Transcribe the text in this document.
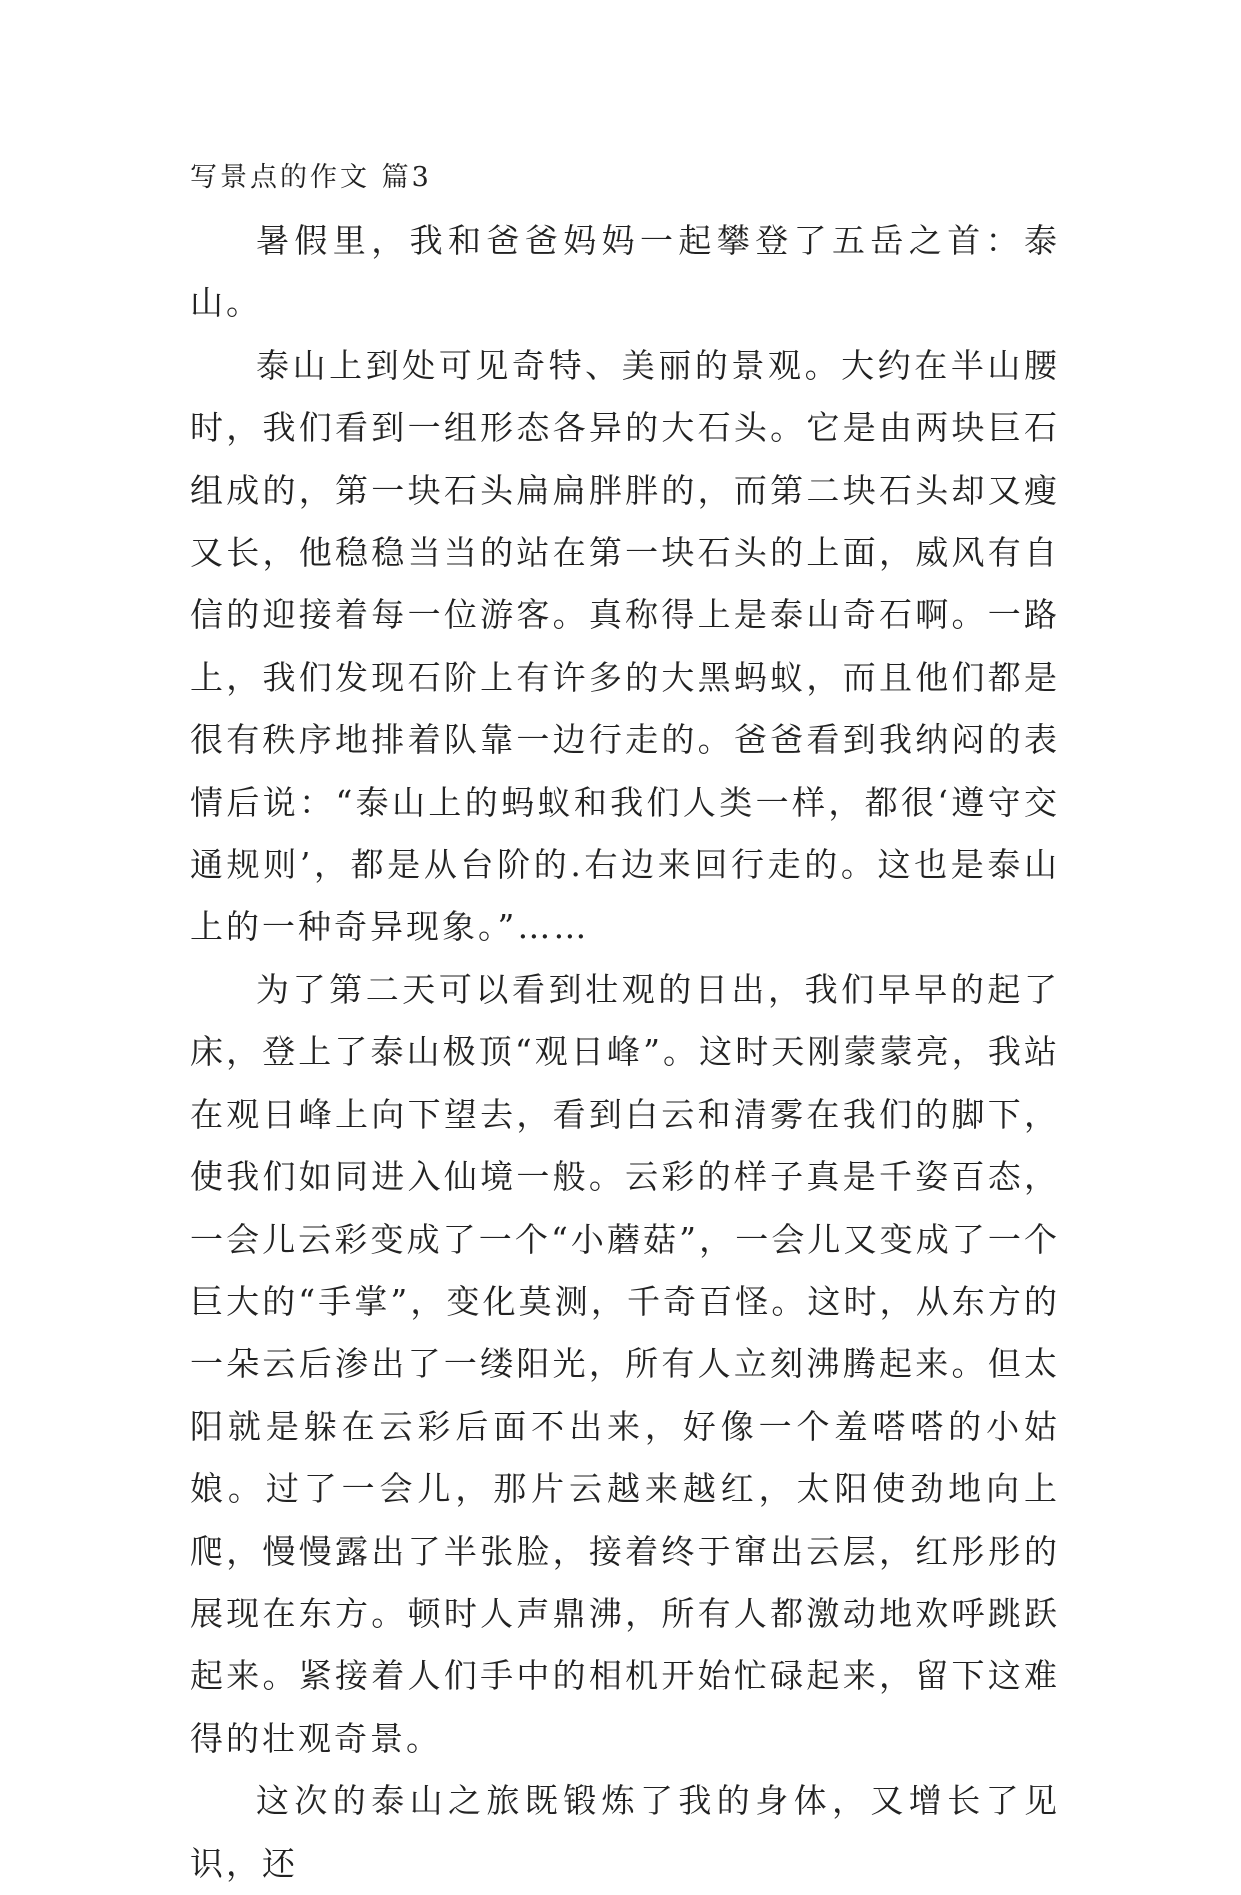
写景点的作文 篇3

暑假里，我和爸爸妈妈一起攀登了五岳之首：泰山。

泰山上到处可见奇特、美丽的景观。大约在半山腰时，我们看到一组形态各异的大石头。它是由两块巨石组成的，第一块石头扁扁胖胖的，而第二块石头却又瘦又长，他稳稳当当的站在第一块石头的上面，威风有自信的迎接着每一位游客。真称得上是泰山奇石啊。一路上，我们发现石阶上有许多的大黑蚂蚁，而且他们都是很有秩序地排着队靠一边行走的。爸爸看到我纳闷的表情后说：“泰山上的蚂蚁和我们人类一样，都很‘遵守交通规则’，都是从台阶的.右边来回行走的。这也是泰山上的一种奇异现象。”……

为了第二天可以看到壮观的日出，我们早早的起了床，登上了泰山极顶“观日峰”。这时天刚蒙蒙亮，我站在观日峰上向下望去，看到白云和清雾在我们的脚下，使我们如同进入仙境一般。云彩的样子真是千姿百态，一会儿云彩变成了一个“小蘑菇”，一会儿又变成了一个巨大的“手掌”，变化莫测，千奇百怪。这时，从东方的一朵云后渗出了一缕阳光，所有人立刻沸腾起来。但太阳就是躲在云彩后面不出来，好像一个羞嗒嗒的小姑娘。过了一会儿，那片云越来越红，太阳使劲地向上爬，慢慢露出了半张脸，接着终于窜出云层，红彤彤的展现在东方。顿时人声鼎沸，所有人都激动地欢呼跳跃起来。紧接着人们手中的相机开始忙碌起来，留下这难得的壮观奇景。

这次的泰山之旅既锻炼了我的身体，又增长了见识，还
